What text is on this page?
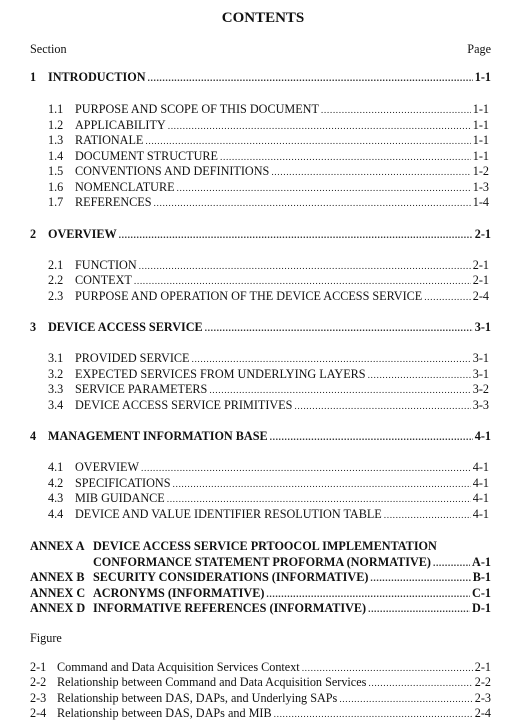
CONTENTS
Section	Page
1 INTRODUCTION .....	1-1
1.1 PURPOSE AND SCOPE OF THIS DOCUMENT .....	1-1
1.2 APPLICABILITY .....	1-1
1.3 RATIONALE .....	1-1
1.4 DOCUMENT STRUCTURE .....	1-1
1.5 CONVENTIONS AND DEFINITIONS .....	1-2
1.6 NOMENCLATURE .....	1-3
1.7 REFERENCES .....	1-4
2 OVERVIEW .....	2-1
2.1 FUNCTION .....	2-1
2.2 CONTEXT .....	2-1
2.3 PURPOSE AND OPERATION OF THE DEVICE ACCESS SERVICE .....	2-4
3 DEVICE ACCESS SERVICE .....	3-1
3.1 PROVIDED SERVICE .....	3-1
3.2 EXPECTED SERVICES FROM UNDERLYING LAYERS .....	3-1
3.3 SERVICE PARAMETERS .....	3-2
3.4 DEVICE ACCESS SERVICE PRIMITIVES .....	3-3
4 MANAGEMENT INFORMATION BASE .....	4-1
4.1 OVERVIEW .....	4-1
4.2 SPECIFICATIONS .....	4-1
4.3 MIB GUIDANCE .....	4-1
4.4 DEVICE AND VALUE IDENTIFIER RESOLUTION TABLE .....	4-1
ANNEX A DEVICE ACCESS SERVICE PRTOOCOL IMPLEMENTATION
CONFORMANCE STATEMENT PROFORMA (NORMATIVE) .....	A-1
ANNEX B SECURITY CONSIDERATIONS (INFORMATIVE) .....	B-1
ANNEX C ACRONYMS (INFORMATIVE) .....	C-1
ANNEX D INFORMATIVE REFERENCES (INFORMATIVE) .....	D-1
Figure
2-1 Command and Data Acquisition Services Context .....	2-1
2-2 Relationship between Command and Data Acquisition Services .....	2-2
2-3 Relationship between DAS, DAPs, and Underlying SAPs .....	2-3
2-4 Relationship between DAS, DAPs and MIB .....	2-4
